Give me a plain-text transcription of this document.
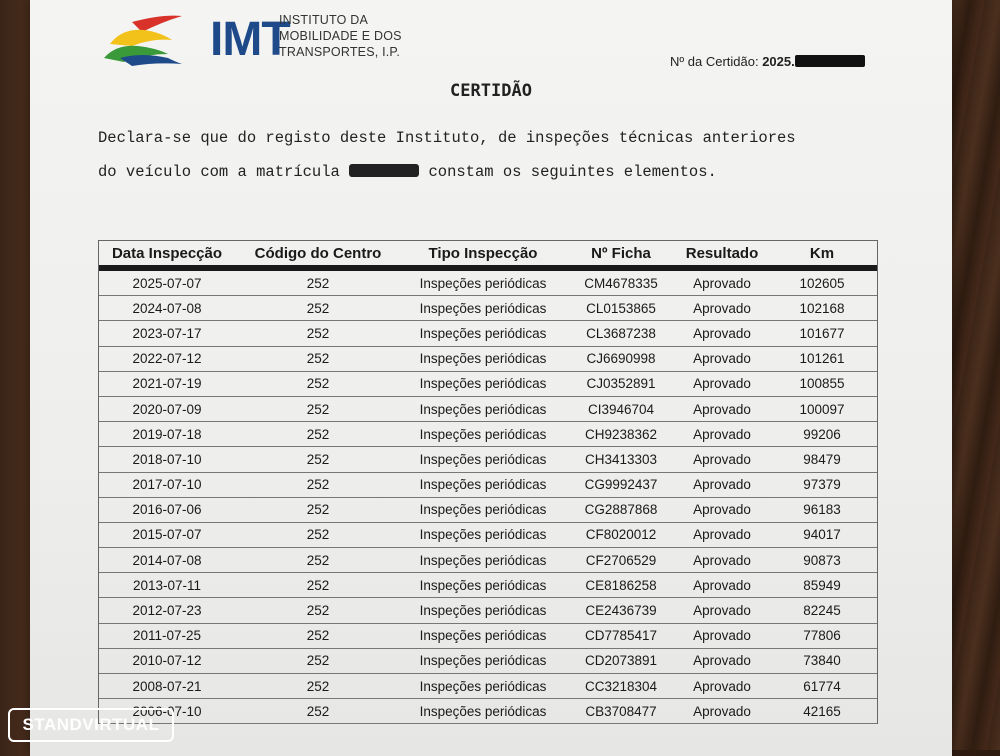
IMT
INSTITUTO DA
MOBILIDADE E DOS
TRANSPORTES, I.P.
Nº da Certidão: 2025.
CERTIDÃO
Declara-se que do registo deste Instituto, de inspeções técnicas anteriores
do veículo com a matrícula	constam os seguintes elementos.
Data Inspecção	Código do Centro	Tipo Inspecção	Nº Ficha	Resultado	Km
2025-07-07	252	Inspeções periódicas	CM4678335	Aprovado	102605
2024-07-08	252	Inspeções periódicas	CL0153865	Aprovado	102168
2023-07-17	252	Inspeções periódicas	CL3687238	Aprovado	101677
2022-07-12	252	Inspeções periódicas	CJ6690998	Aprovado	101261
2021-07-19	252	Inspeções periódicas	CJ0352891	Aprovado	100855
2020-07-09	252	Inspeções periódicas	CI3946704	Aprovado	100097
2019-07-18	252	Inspeções periódicas	CH9238362	Aprovado	99206
2018-07-10	252	Inspeções periódicas	CH3413303	Aprovado	98479
2017-07-10	252	Inspeções periódicas	CG9992437	Aprovado	97379
2016-07-06	252	Inspeções periódicas	CG2887868	Aprovado	96183
2015-07-07	252	Inspeções periódicas	CF8020012	Aprovado	94017
2014-07-08	252	Inspeções periódicas	CF2706529	Aprovado	90873
2013-07-11	252	Inspeções periódicas	CE8186258	Aprovado	85949
2012-07-23	252	Inspeções periódicas	CE2436739	Aprovado	82245
2011-07-25	252	Inspeções periódicas	CD7785417	Aprovado	77806
2010-07-12	252	Inspeções periódicas	CD2073891	Aprovado	73840
2008-07-21	252	Inspeções periódicas	CC3218304	Aprovado	61774
2006-07-10	252	Inspeções periódicas	CB3708477	Aprovado	42165
STANDVIRTUAL
